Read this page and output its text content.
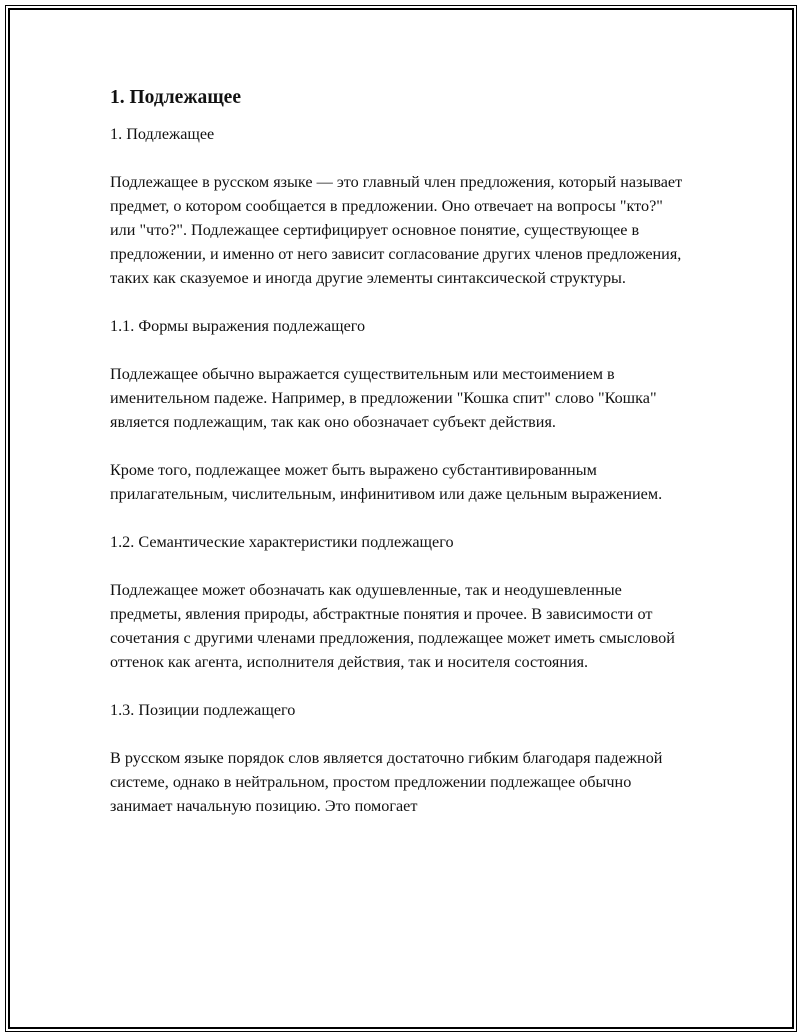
1. Подлежащее

1. Подлежащее

Подлежащее в русском языке — это главный член предложения, который называет предмет, о котором сообщается в предложении. Оно отвечает на вопросы "кто?" или "что?". Подлежащее сертифицирует основное понятие, существующее в предложении, и именно от него зависит согласование других членов предложения, таких как сказуемое и иногда другие элементы синтаксической структуры.

1.1. Формы выражения подлежащего

Подлежащее обычно выражается существительным или местоимением в именительном падеже. Например, в предложении "Кошка спит" слово "Кошка" является подлежащим, так как оно обозначает субъект действия.

Кроме того, подлежащее может быть выражено субстантивированным прилагательным, числительным, инфинитивом или даже цельным выражением.

1.2. Семантические характеристики подлежащего

Подлежащее может обозначать как одушевленные, так и неодушевленные предметы, явления природы, абстрактные понятия и прочее. В зависимости от сочетания с другими членами предложения, подлежащее может иметь смысловой оттенок как агента, исполнителя действия, так и носителя состояния.

1.3. Позиции подлежащего

В русском языке порядок слов является достаточно гибким благодаря падежной системе, однако в нейтральном, простом предложении подлежащее обычно занимает начальную позицию. Это помогает
